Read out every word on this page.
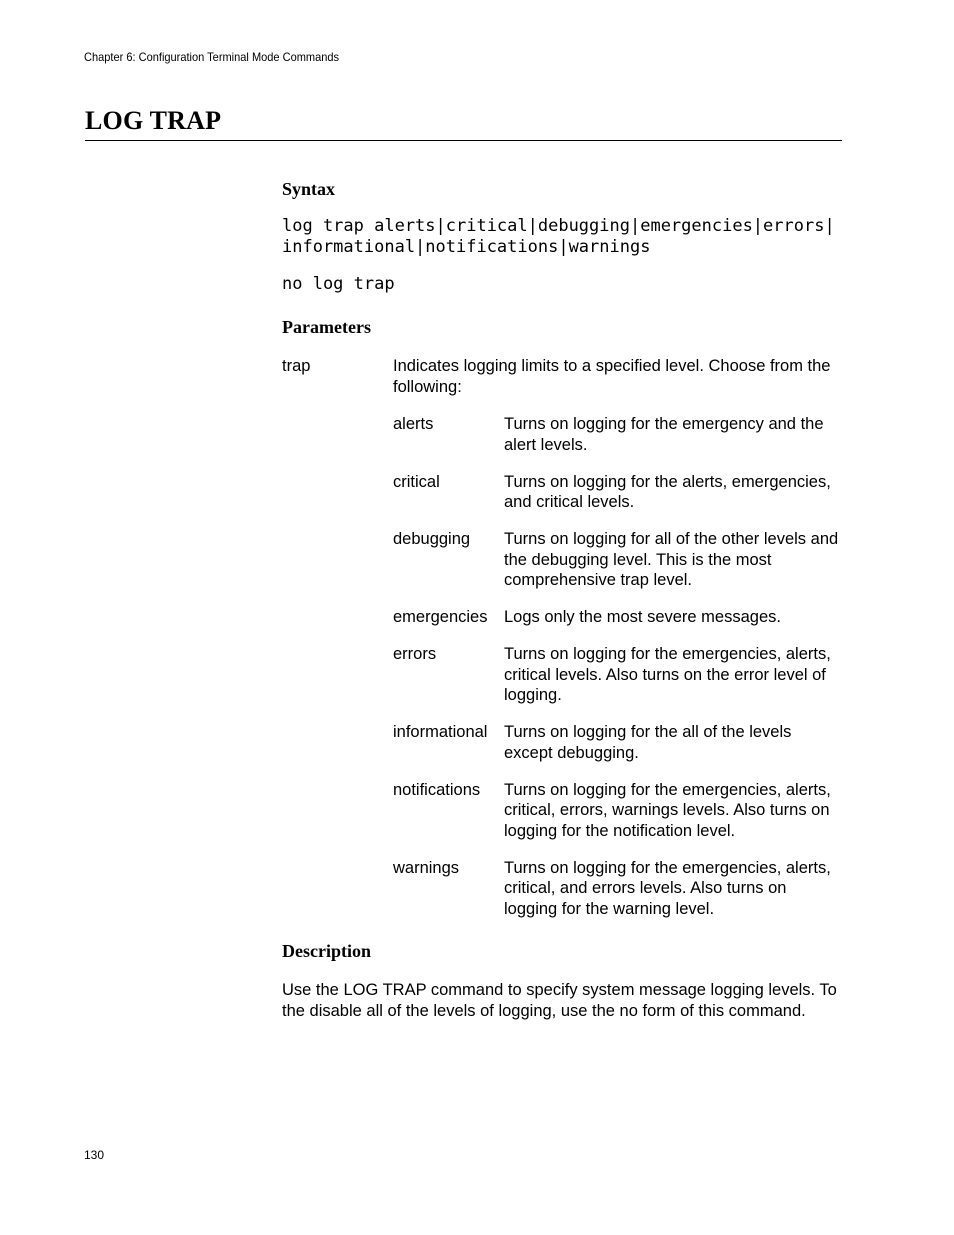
Chapter 6: Configuration Terminal Mode Commands
LOG TRAP
Syntax
log trap alerts|critical|debugging|emergencies|errors|
informational|notifications|warnings
no log trap
Parameters
trap	Indicates logging limits to a specified level. Choose from the following:
alerts	Turns on logging for the emergency and the alert levels.
critical	Turns on logging for the alerts, emergencies, and critical levels.
debugging	Turns on logging for all of the other levels and the debugging level. This is the most comprehensive trap level.
emergencies	Logs only the most severe messages.
errors	Turns on logging for the emergencies, alerts, critical levels. Also turns on the error level of logging.
informational	Turns on logging for the all of the levels except debugging.
notifications	Turns on logging for the emergencies, alerts, critical, errors, warnings levels. Also turns on logging for the notification level.
warnings	Turns on logging for the emergencies, alerts, critical, and errors levels. Also turns on logging for the warning level.
Description
Use the LOG TRAP command to specify system message logging levels. To the disable all of the levels of logging, use the no form of this command.
130
